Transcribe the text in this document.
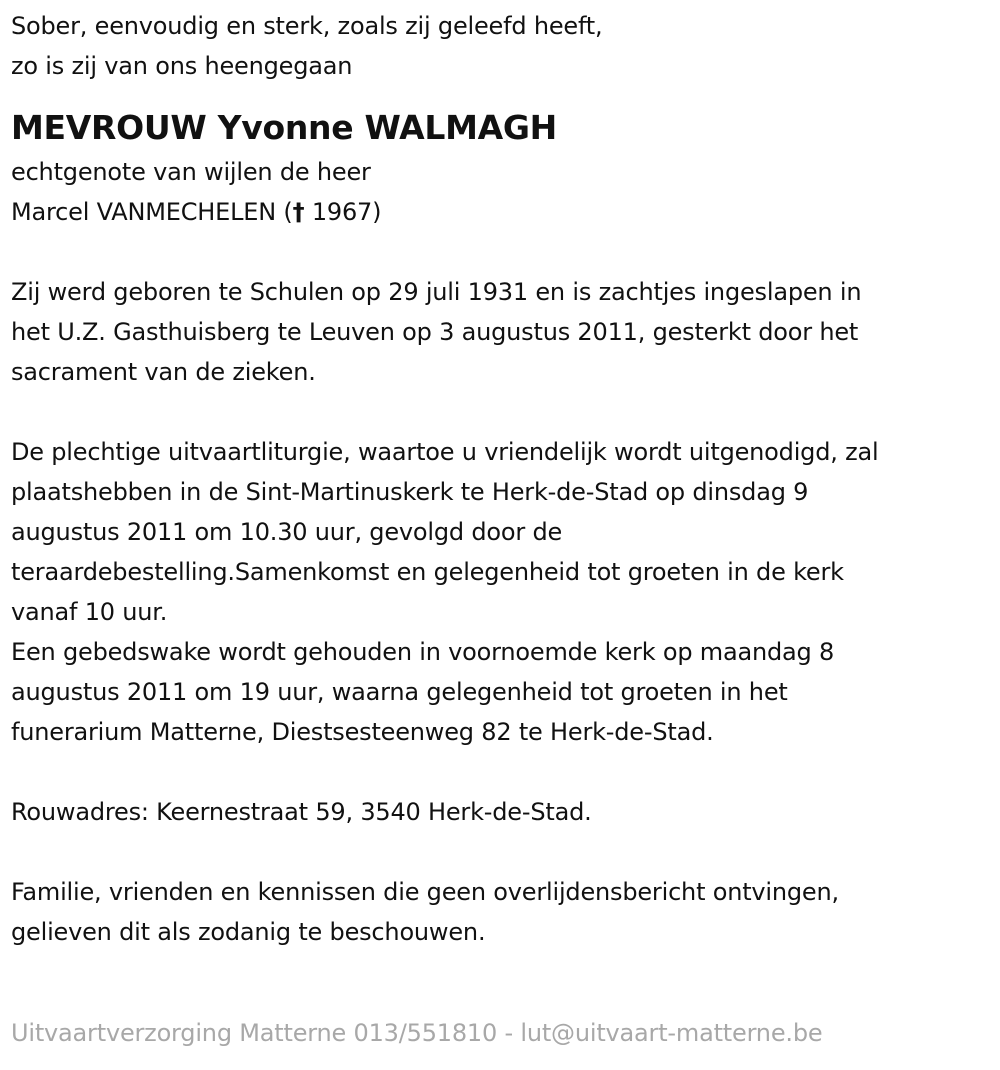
Sober, eenvoudig en sterk, zoals zij geleefd heeft,
zo is zij van ons heengegaan
MEVROUW Yvonne WALMAGH
echtgenote van wijlen de heer
Marcel VANMECHELEN († 1967)
Zij werd geboren te Schulen op 29 juli 1931 en is zachtjes ingeslapen in
het U.Z. Gasthuisberg te Leuven op 3 augustus 2011, gesterkt door het
sacrament van de zieken.
De plechtige uitvaartliturgie, waartoe u vriendelijk wordt uitgenodigd, zal
plaatshebben in de Sint-Martinuskerk te Herk-de-Stad op dinsdag 9
augustus 2011 om 10.30 uur, gevolgd door de
teraardebestelling.Samenkomst en gelegenheid tot groeten in de kerk
vanaf 10 uur.
Een gebedswake wordt gehouden in voornoemde kerk op maandag 8
augustus 2011 om 19 uur, waarna gelegenheid tot groeten in het
funerarium Matterne, Diestsesteenweg 82 te Herk-de-Stad.
Rouwadres: Keernestraat 59, 3540 Herk-de-Stad.
Familie, vrienden en kennissen die geen overlijdensbericht ontvingen,
gelieven dit als zodanig te beschouwen.
Uitvaartverzorging Matterne 013/551810 - lut@uitvaart-matterne.be
